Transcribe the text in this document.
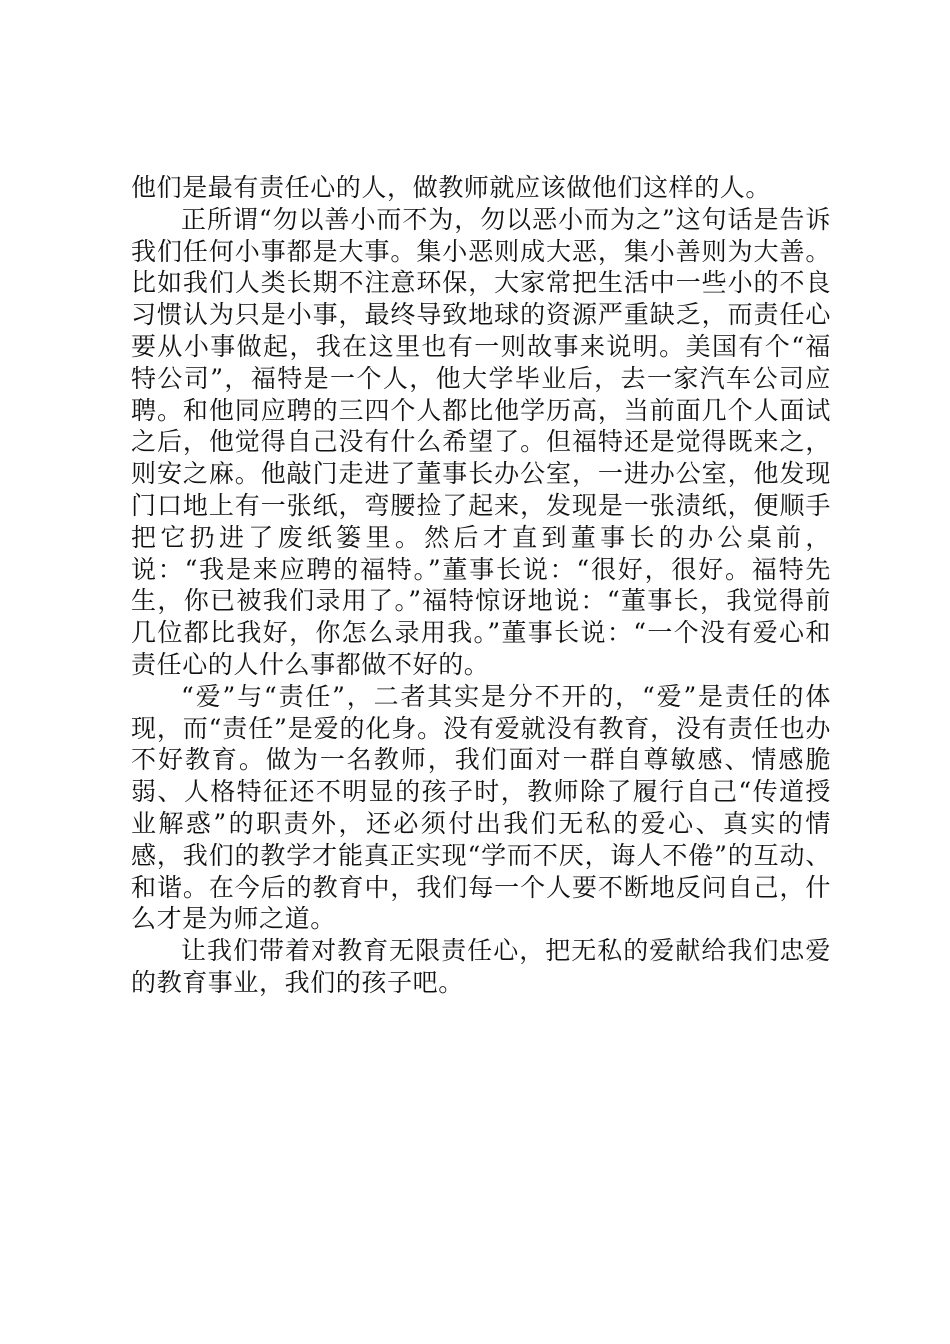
他们是最有责任心的人，做教师就应该做他们这样的人。

正所谓“勿以善小而不为，勿以恶小而为之”这句话是告诉我们任何小事都是大事。集小恶则成大恶，集小善则为大善。比如我们人类长期不注意环保，大家常把生活中一些小的不良习惯认为只是小事，最终导致地球的资源严重缺乏，而责任心要从小事做起，我在这里也有一则故事来说明。美国有个“福特公司”，福特是一个人，他大学毕业后，去一家汽车公司应聘。和他同应聘的三四个人都比他学历高，当前面几个人面试之后，他觉得自己没有什么希望了。但福特还是觉得既来之，则安之麻。他敲门走进了董事长办公室，一进办公室，他发现门口地上有一张纸，弯腰捡了起来，发现是一张渍纸，便顺手把它扔进了废纸篓里。然后才直到董事长的办公桌前，说：“我是来应聘的福特。”董事长说：“很好，很好。福特先生，你已被我们录用了。”福特惊讶地说：“董事长，我觉得前几位都比我好，你怎么录用我。”董事长说：“一个没有爱心和责任心的人什么事都做不好的。

“爱”与“责任”，二者其实是分不开的，“爱”是责任的体现，而“责任”是爱的化身。没有爱就没有教育，没有责任也办不好教育。做为一名教师，我们面对一群自尊敏感、情感脆弱、人格特征还不明显的孩子时，教师除了履行自己“传道授业解惑”的职责外，还必须付出我们无私的爱心、真实的情感，我们的教学才能真正实现“学而不厌，诲人不倦”的互动、和谐。在今后的教育中，我们每一个人要不断地反问自己，什么才是为师之道。

让我们带着对教育无限责任心，把无私的爱献给我们忠爱的教育事业，我们的孩子吧。
